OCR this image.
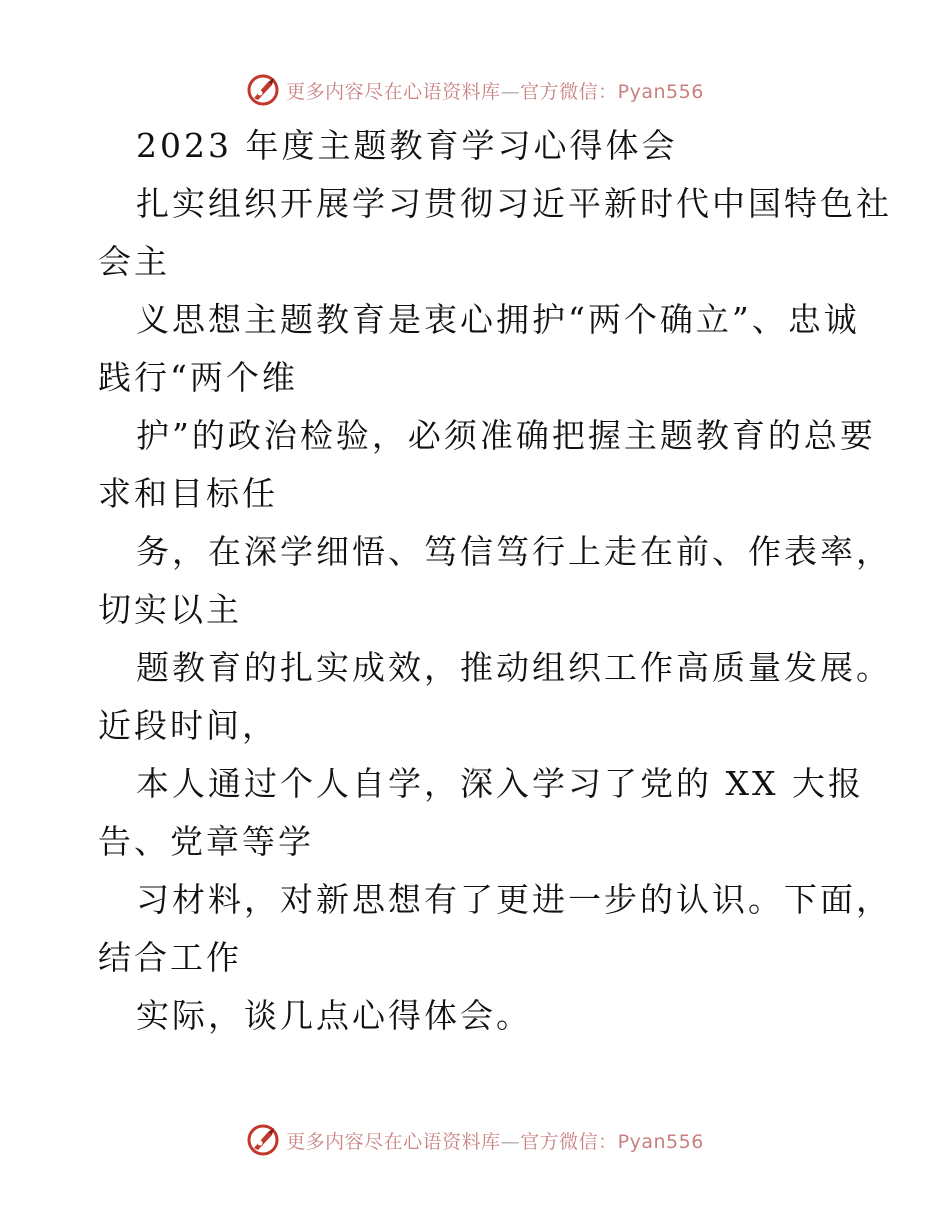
更多内容尽在心语资料库—官方微信：Pyan556
2023 年度主题教育学习心得体会
扎实组织开展学习贯彻习近平新时代中国特色社
会主
义思想主题教育是衷心拥护“两个确立”、忠诚
践行“两个维
护”的政治检验，必须准确把握主题教育的总要
求和目标任
务，在深学细悟、笃信笃行上走在前、作表率，
切实以主
题教育的扎实成效，推动组织工作高质量发展。
近段时间，
本人通过个人自学，深入学习了党的 XX 大报
告、党章等学
习材料，对新思想有了更进一步的认识。下面，
结合工作
实际，谈几点心得体会。
更多内容尽在心语资料库—官方微信：Pyan556
